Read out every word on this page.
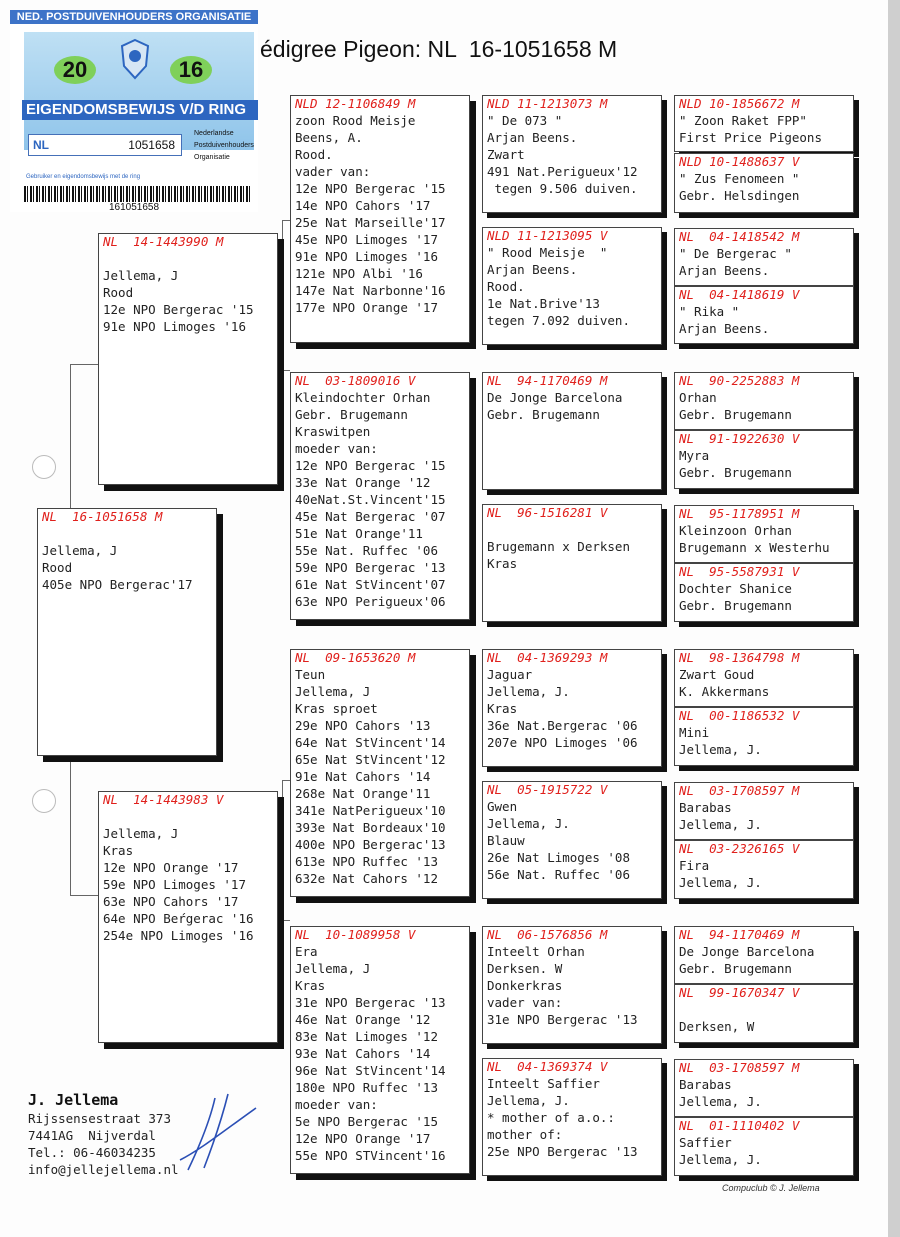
NED. POSTDUIVENHOUDERS ORGANISATIE
20	16
EIGENDOMSBEWIJS V/D RING
NL	1051658
Nederlandse
Postduivenhouders
Organisatie
Gebruiker en eigendomsbewijs met de ring
161051658
édigree Pigeon: NL  16-1051658 M
NL  16-1051658 M

Jellema, J
Rood
405e NPO Bergerac'17
NL  14-1443990 M

Jellema, J
Rood
12e NPO Bergerac '15
91e NPO Limoges '16
NL  14-1443983 V

Jellema, J
Kras
12e NPO Orange '17
59e NPO Limoges '17
63e NPO Cahors '17
64e NPO Beŕgerac '16
254e NPO Limoges '16
NLD 12-1106849 M
zoon Rood Meisje
Beens, A.
Rood.
vader van:
12e NPO Bergerac '15
14e NPO Cahors '17
25e Nat Marseille'17
45e NPO Limoges '17
91e NPO Limoges '16
121e NPO Albi '16
147e Nat Narbonne'16
177e NPO Orange '17
NL  03-1809016 V
Kleindochter Orhan
Gebr. Brugemann
Kraswitpen
moeder van:
12e NPO Bergerac '15
33e Nat Orange '12
40eNat.St.Vincent'15
45e Nat Bergerac '07
51e Nat Orange'11
55e Nat. Ruffec '06
59e NPO Bergerac '13
61e Nat StVincent'07
63e NPO Perigueux'06
NL  09-1653620 M
Teun
Jellema, J
Kras sproet
29e NPO Cahors '13
64e Nat StVincent'14
65e Nat StVincent'12
91e Nat Cahors '14
268e Nat Orange'11
341e NatPerigueux'10
393e Nat Bordeaux'10
400e NPO Bergerac'13
613e NPO Ruffec '13
632e Nat Cahors '12
NL  10-1089958 V
Era
Jellema, J
Kras
31e NPO Bergerac '13
46e Nat Orange '12
83e Nat Limoges '12
93e Nat Cahors '14
96e Nat StVincent'14
180e NPO Ruffec '13
moeder van:
5e NPO Bergerac '15
12e NPO Orange '17
55e NPO STVincent'16
NLD 11-1213073 M
" De 073 "
Arjan Beens.
Zwart
491 Nat.Perigueux'12
tegen 9.506 duiven.
NLD 11-1213095 V
" Rood Meisje  "
Arjan Beens.
Rood.
1e Nat.Brive'13
tegen 7.092 duiven.
NL  94-1170469 M
De Jonge Barcelona
Gebr. Brugemann
NL  96-1516281 V

Brugemann x Derksen
Kras
NL  04-1369293 M
Jaguar
Jellema, J.
Kras
36e Nat.Bergerac '06
207e NPO Limoges '06
NL  05-1915722 V
Gwen
Jellema, J.
Blauw
26e Nat Limoges '08
56e Nat. Ruffec '06
NL  06-1576856 M
Inteelt Orhan
Derksen. W
Donkerkras
vader van:
31e NPO Bergerac '13
NL  04-1369374 V
Inteelt Saffier
Jellema, J.
* mother of a.o.:
mother of:
25e NPO Bergerac '13
NLD 10-1856672 M
" Zoon Raket FPP"
First Price Pigeons
NLD 10-1488637 V
" Zus Fenomeen "
Gebr. Helsdingen
NL  04-1418542 M
" De Bergerac "
Arjan Beens.
NL  04-1418619 V
" Rika "
Arjan Beens.
NL  90-2252883 M
Orhan
Gebr. Brugemann
NL  91-1922630 V
Myra
Gebr. Brugemann
NL  95-1178951 M
Kleinzoon Orhan
Brugemann x Westerhu
NL  95-5587931 V
Dochter Shanice
Gebr. Brugemann
NL  98-1364798 M
Zwart Goud
K. Akkermans
NL  00-1186532 V
Mini
Jellema, J.
NL  03-1708597 M
Barabas
Jellema, J.
NL  03-2326165 V
Fira
Jellema, J.
NL  94-1170469 M
De Jonge Barcelona
Gebr. Brugemann
NL  99-1670347 V

Derksen, W
NL  03-1708597 M
Barabas
Jellema, J.
NL  01-1110402 V
Saffier
Jellema, J.
J. Jellema
Rijssensestraat 373
7441AG  Nijverdal
Tel.: 06-46034235
info@jellejellema.nl
Compuclub © J. Jellema
